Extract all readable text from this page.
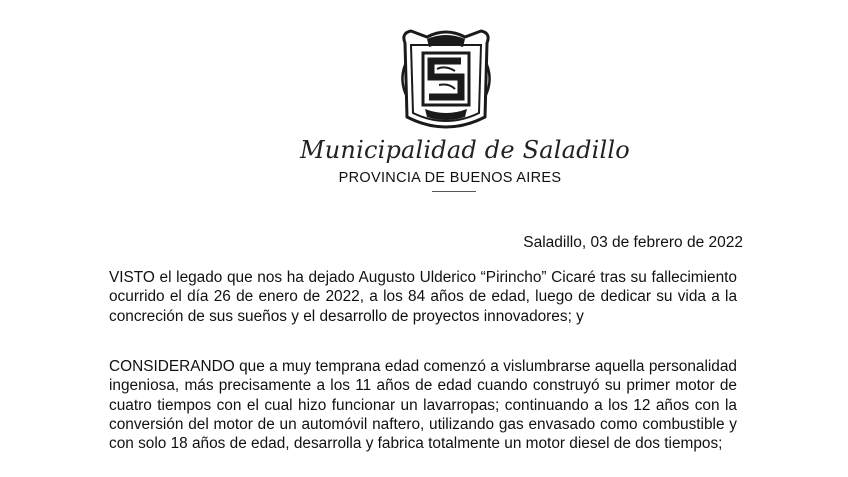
Municipalidad de Saladillo
PROVINCIA DE BUENOS AIRES
Saladillo, 03 de febrero de 2022
VISTO el legado que nos ha dejado Augusto Ulderico “Pirincho” Cicaré tras su fallecimiento ocurrido el día 26 de enero de 2022, a los 84 años de edad, luego de dedicar su vida a la concreción de sus sueños y el desarrollo de proyectos innovadores; y
CONSIDERANDO que a muy temprana edad comenzó a vislumbrarse aquella personalidad ingeniosa, más precisamente a los 11 años de edad cuando construyó su primer motor de cuatro tiempos con el cual hizo funcionar un lavarropas; continuando a los 12 años con la conversión del motor de un automóvil naftero, utilizando gas envasado como combustible y con solo 18 años de edad, desarrolla y fabrica totalmente un motor diesel de dos tiempos;
